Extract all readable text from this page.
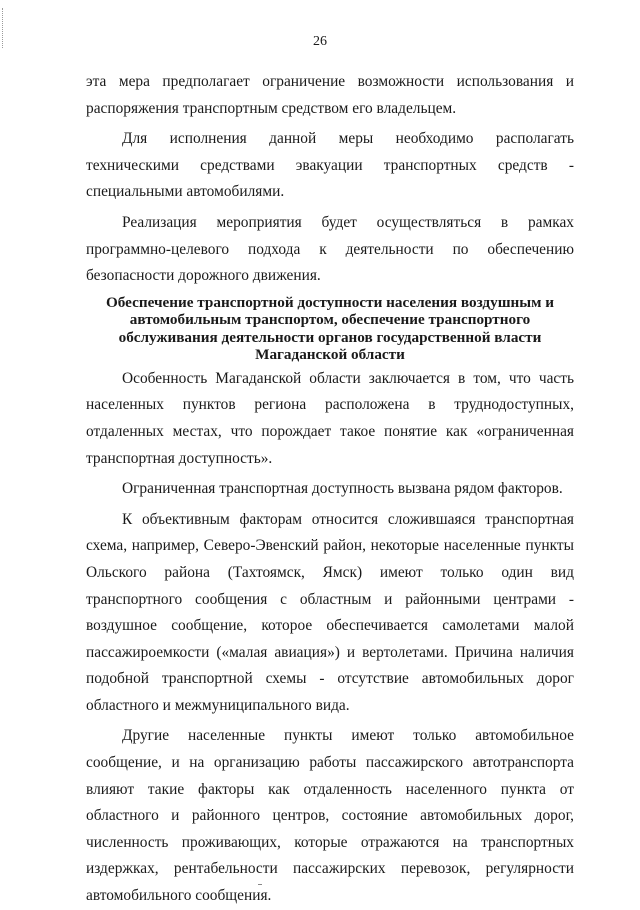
26

эта мера предполагает ограничение возможности использования и распоряжения транспортным средством его владельцем.

Для исполнения данной меры необходимо располагать техническими средствами эвакуации транспортных средств - специальными автомобилями.

Реализация мероприятия будет осуществляться в рамках программно-целевого подхода к деятельности по обеспечению безопасности дорожного движения.

Обеспечение транспортной доступности населения воздушным и автомобильным транспортом, обеспечение транспортного обслуживания деятельности органов государственной власти Магаданской области

Особенность Магаданской области заключается в том, что часть населенных пунктов региона расположена в труднодоступных, отдаленных местах, что порождает такое понятие как «ограниченная транспортная доступность».

Ограниченная транспортная доступность вызвана рядом факторов.

К объективным факторам относится сложившаяся транспортная схема, например, Северо-Эвенский район, некоторые населенные пункты Ольского района (Тахтоямск, Ямск) имеют только один вид транспортного сообщения с областным и районными центрами - воздушное сообщение, которое обеспечивается самолетами малой пассажироемкости («малая авиация») и вертолетами. Причина наличия подобной транспортной схемы - отсутствие автомобильных дорог областного и межмуниципального вида.

Другие населенные пункты имеют только автомобильное сообщение, и на организацию работы пассажирского автотранспорта влияют такие факторы как отдаленность населенного пункта от областного и районного центров, состояние автомобильных дорог, численность проживающих, которые отражаются на транспортных издержках, рентабельности пассажирских перевозок, регулярности автомобильного сообщения.
